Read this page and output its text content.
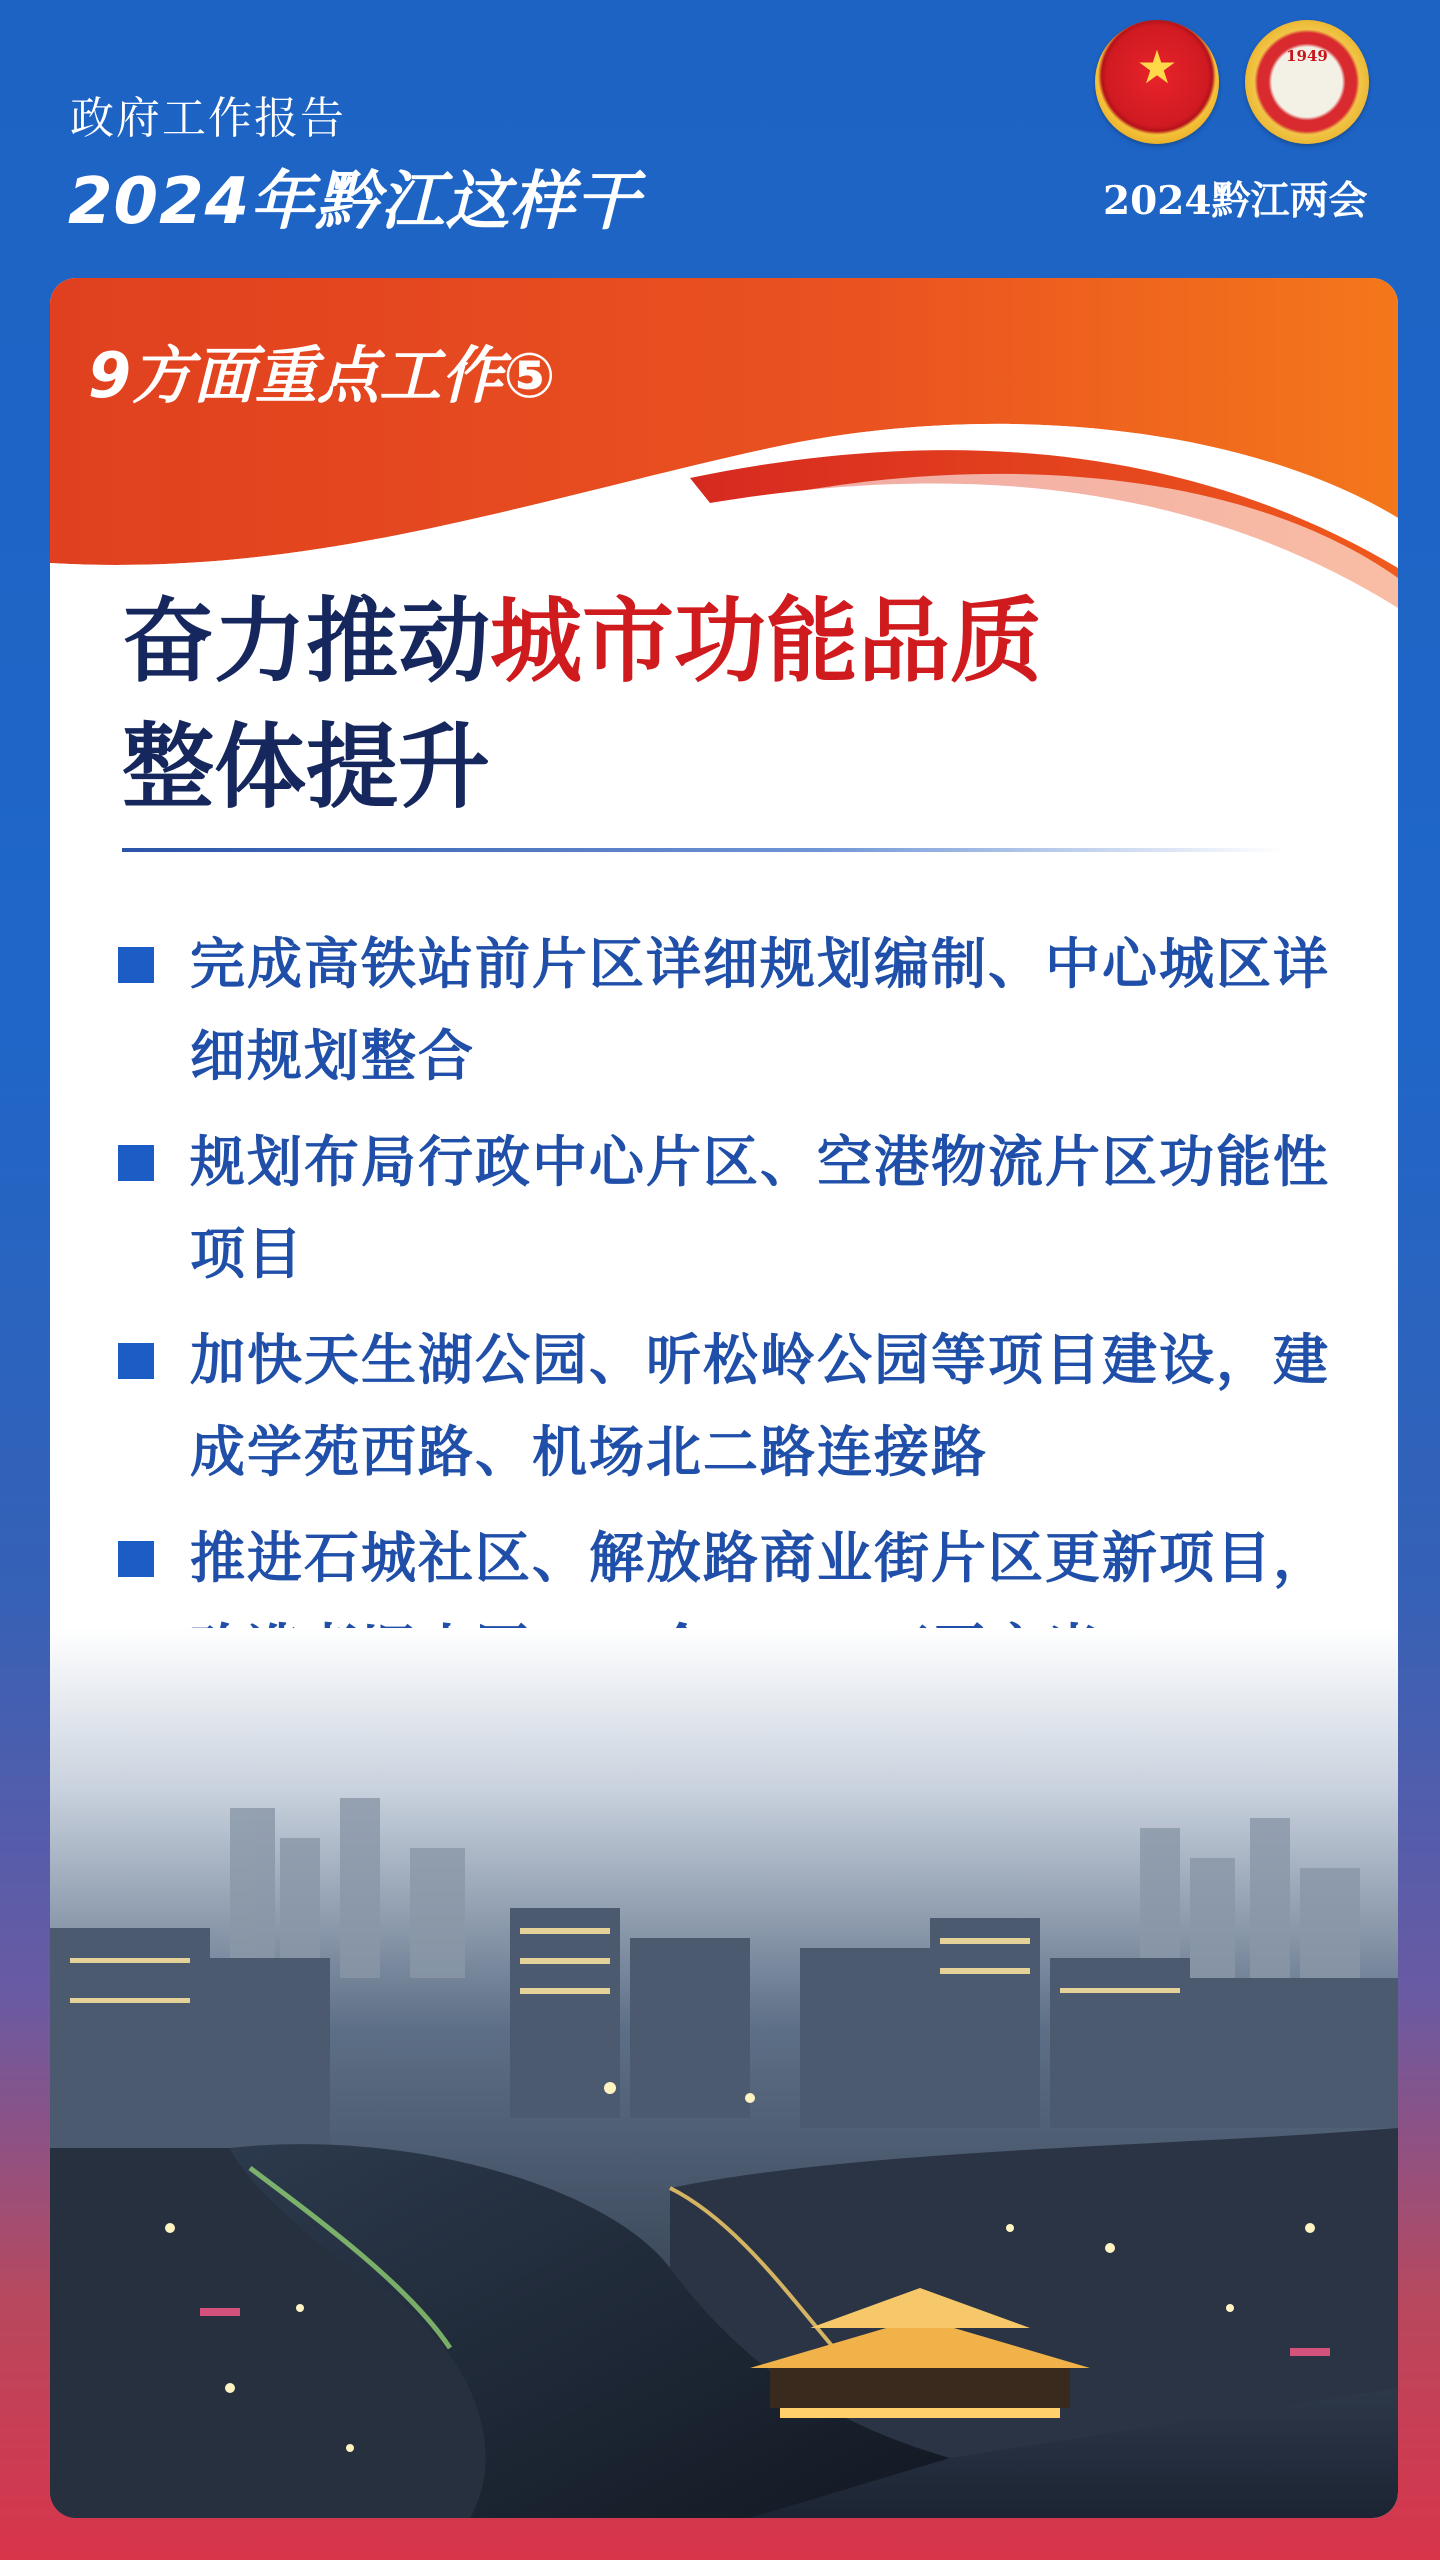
政府工作报告
2024年黔江这样干
★	1949
2024黔江两会
9方面重点工作⑤
奋力推动城市功能品质
整体提升
完成高铁站前片区详细规划编制、中心城区详细规划整合
规划布局行政中心片区、空港物流片区功能性项目
加快天生湖公园、听松岭公园等项目建设，建成学苑西路、机场北二路连接路
推进石城社区、解放路商业街片区更新项目，
